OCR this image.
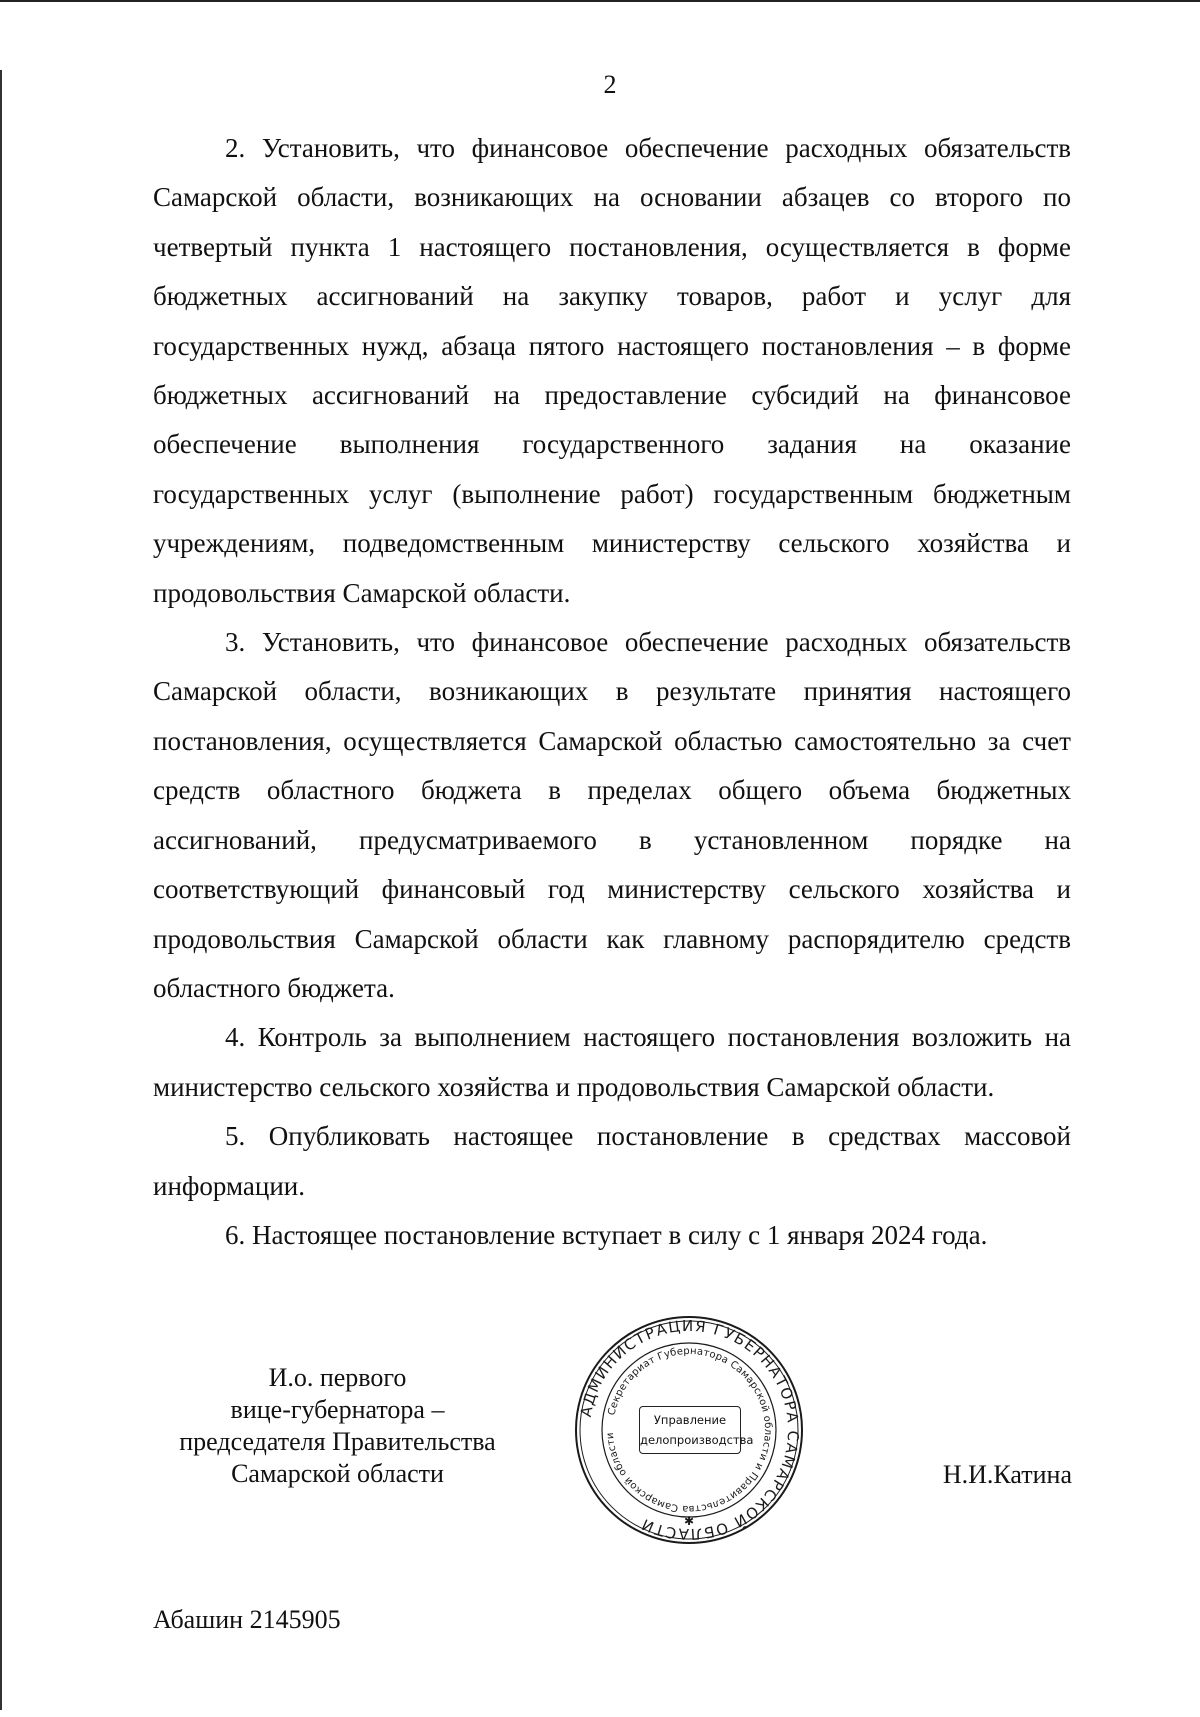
2

2. Установить, что финансовое обеспечение расходных обязательств Самарской области, возникающих на основании абзацев со второго по четвертый пункта 1 настоящего постановления, осуществляется в форме бюджетных ассигнований на закупку товаров, работ и услуг для государственных нужд, абзаца пятого настоящего постановления – в форме бюджетных ассигнований на предоставление субсидий на финансовое обеспечение выполнения государственного задания на оказание государственных услуг (выполнение работ) государственным бюджетным учреждениям, подведомственным министерству сельского хозяйства и продовольствия Самарской области.

3. Установить, что финансовое обеспечение расходных обязательств Самарской области, возникающих в результате принятия настоящего постановления, осуществляется Самарской областью самостоятельно за счет средств областного бюджета в пределах общего объема бюджетных ассигнований, предусматриваемого в установленном порядке на соответствующий финансовый год министерству сельского хозяйства и продовольствия Самарской области как главному распорядителю средств областного бюджета.

4. Контроль за выполнением настоящего постановления возложить на министерство сельского хозяйства и продовольствия Самарской области.

5. Опубликовать настоящее постановление в средствах массовой информации.

6. Настоящее постановление вступает в силу с 1 января 2024 года.

И.о. первого
вице-губернатора –
председателя Правительства
Самарской области
АДМИНИСТРАЦИЯ ГУБЕРНАТОРА САМАРСКОЙ ОБЛАСТИ
Секретариат Губернатора Самарской области и Правительства Самарской области
✱
Управление
делопроизводства
Н.И.Катина
Абашин 2145905
